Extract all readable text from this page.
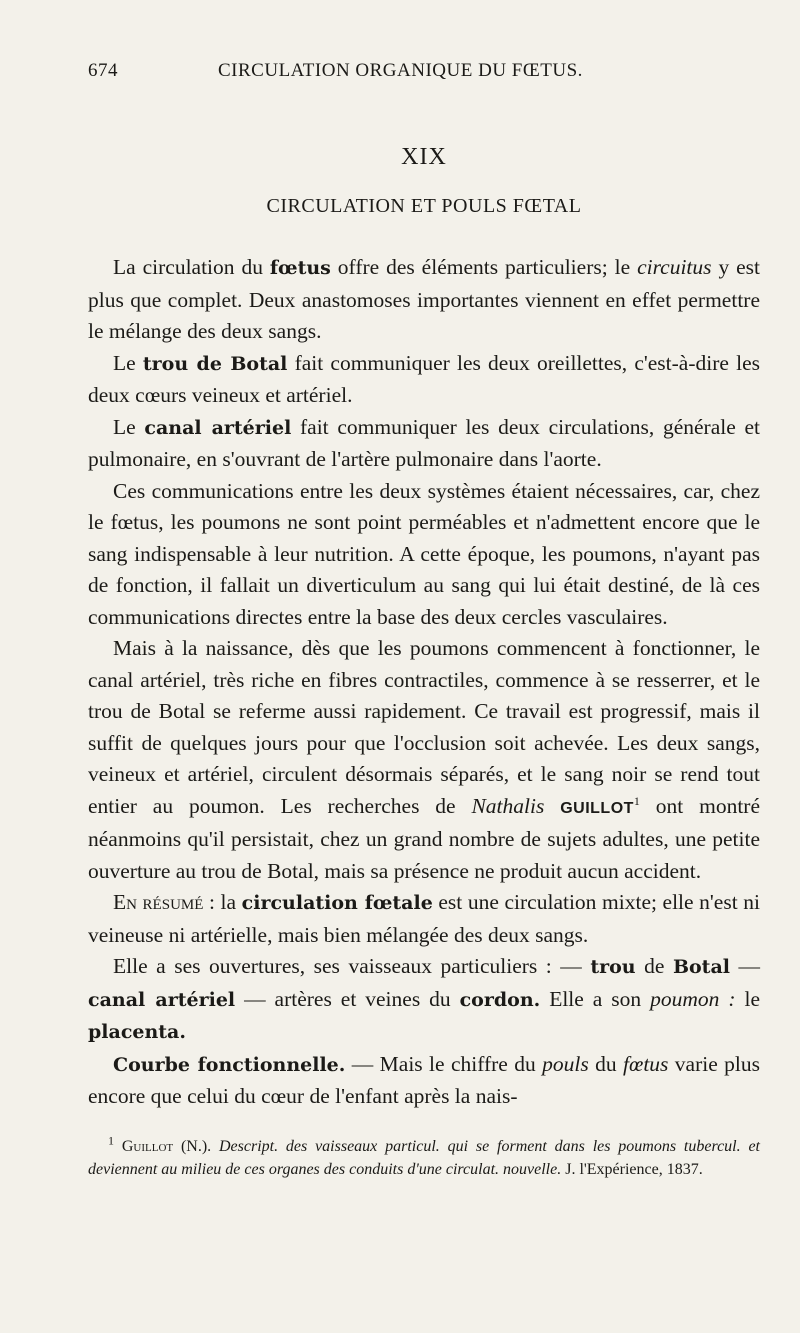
674	CIRCULATION ORGANIQUE DU FŒTUS.
XIX
CIRCULATION ET POULS FŒTAL

La circulation du fœtus offre des éléments particuliers; le circuitus y est plus que complet. Deux anastomoses importantes viennent en effet permettre le mélange des deux sangs.

Le trou de Botal fait communiquer les deux oreillettes, c'est-à-dire les deux cœurs veineux et artériel.

Le canal artériel fait communiquer les deux circulations, générale et pulmonaire, en s'ouvrant de l'artère pulmonaire dans l'aorte.

Ces communications entre les deux systèmes étaient nécessaires, car, chez le fœtus, les poumons ne sont point perméables et n'admettent encore que le sang indispensable à leur nutrition. A cette époque, les poumons, n'ayant pas de fonction, il fallait un diverticulum au sang qui lui était destiné, de là ces communications directes entre la base des deux cercles vasculaires.

Mais à la naissance, dès que les poumons commencent à fonctionner, le canal artériel, très riche en fibres contractiles, commence à se resserrer, et le trou de Botal se referme aussi rapidement. Ce travail est progressif, mais il suffit de quelques jours pour que l'occlusion soit achevée. Les deux sangs, veineux et artériel, circulent désormais séparés, et le sang noir se rend tout entier au poumon. Les recherches de Nathalis GUILLOT$^1$ ont montré néanmoins qu'il persistait, chez un grand nombre de sujets adultes, une petite ouverture au trou de Botal, mais sa présence ne produit aucun accident.

En résumé : la circulation fœtale est une circulation mixte; elle n'est ni veineuse ni artérielle, mais bien mélangée des deux sangs.

Elle a ses ouvertures, ses vaisseaux particuliers : — trou de Botal — canal artériel — artères et veines du cordon. Elle a son poumon : le placenta.

Courbe fonctionnelle. — Mais le chiffre du pouls du fœtus varie plus encore que celui du cœur de l'enfant après la nais-

$^1$ Guillot (N.). Descript. des vaisseaux particul. qui se forment dans les poumons tubercul. et deviennent au milieu de ces organes des conduits d'une circulat. nouvelle. J. l'Expérience, 1837.
